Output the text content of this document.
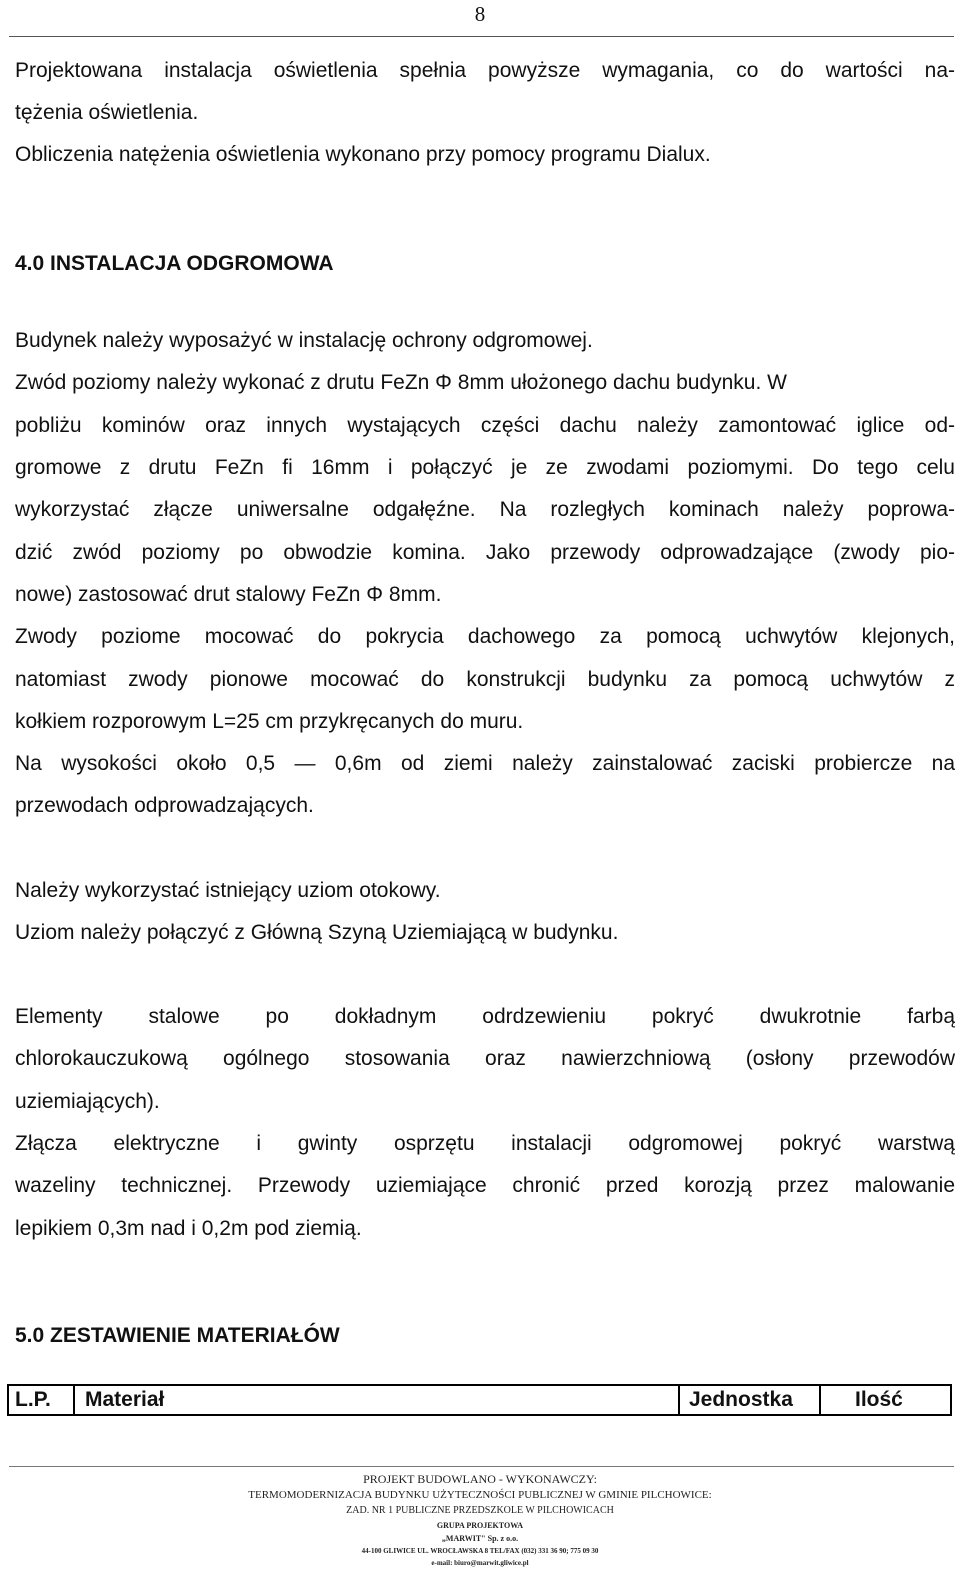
8

Projektowana instalacja oświetlenia spełnia powyższe wymagania, co do wartości na-

tężenia oświetlenia.

Obliczenia natężenia oświetlenia wykonano przy pomocy programu Dialux.

4.0 INSTALACJA ODGROMOWA

Budynek należy wyposażyć w instalację ochrony odgromowej.

Zwód poziomy należy wykonać z drutu FeZn Φ 8mm ułożonego dachu budynku. W

pobliżu kominów oraz innych wystających części dachu należy zamontować iglice od-

gromowe z drutu FeZn fi 16mm i połączyć je ze zwodami poziomymi. Do tego celu

wykorzystać złącze uniwersalne odgałęźne. Na rozległych kominach należy poprowa-

dzić zwód poziomy po obwodzie komina. Jako przewody odprowadzające (zwody pio-

nowe) zastosować drut stalowy FeZn Φ 8mm.

Zwody poziome mocować do pokrycia dachowego za pomocą uchwytów klejonych,

natomiast zwody pionowe mocować do konstrukcji budynku za pomocą uchwytów z

kołkiem rozporowym L=25 cm przykręcanych do muru.

Na wysokości około 0,5 — 0,6m od ziemi należy zainstalować zaciski probiercze na

przewodach odprowadzających.

Należy wykorzystać istniejący uziom otokowy.

Uziom należy połączyć z Główną Szyną Uziemiającą w budynku.

Elementy stalowe po dokładnym odrdzewieniu pokryć dwukrotnie farbą

chlorokauczukową ogólnego stosowania oraz nawierzchniową (osłony przewodów

uziemiających).

Złącza elektryczne i gwinty osprzętu instalacji odgromowej pokryć warstwą

wazeliny technicznej. Przewody uziemiające chronić przed korozją przez malowanie

lepikiem 0,3m nad i 0,2m pod ziemią.

5.0 ZESTAWIENIE MATERIAŁÓW
L.P.	Materiał	Jednostka	Ilość
PROJEKT BUDOWLANO - WYKONAWCZY:
TERMOMODERNIZACJA BUDYNKU UŻYTECZNOŚCI PUBLICZNEJ W GMINIE PILCHOWICE:
ZAD. NR 1 PUBLICZNE PRZEDSZKOLE W PILCHOWICACH
GRUPA PROJEKTOWA
„MARWIT" Sp. z o.o.
44-100 GLIWICE UL. WROCŁAWSKA 8 TEL/FAX (032) 331 36 90; 775 09 30
e-mail: biuro@marwit.gliwice.pl
